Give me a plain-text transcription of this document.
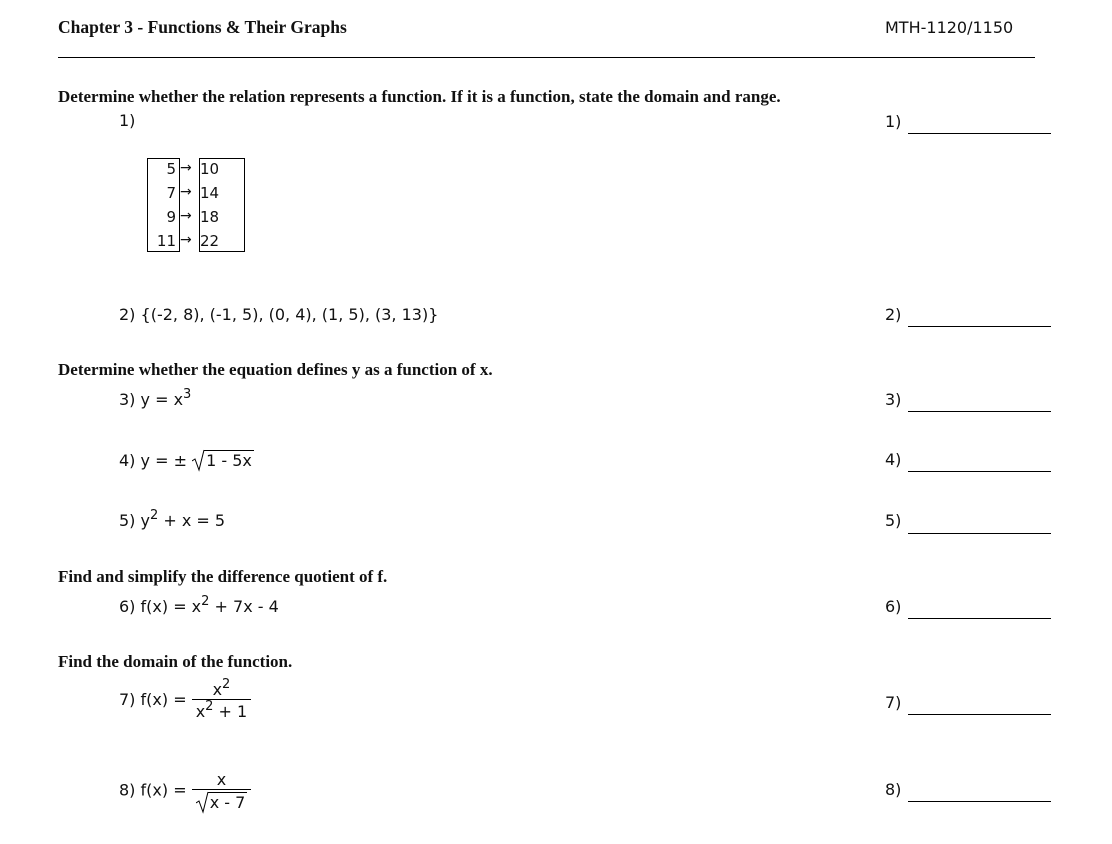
Chapter 3 - Functions & Their Graphs	MTH-1120/1150
Determine whether the relation represents a function. If it is a function, state the domain and range.
1)
5
7
9
11
→
→
→
→
10
14
18
22
2) {(-2, 8), (-1, 5), (0, 4), (1, 5), (3, 13)}
Determine whether the equation defines y as a function of x.
3) $y = x^3$
4) y = ± 1 - 5x
5) $y^2 + x = 5$
Find and simplify the difference quotient of f.
6) $f(x) = x^2 + 7x - 4$
Find the domain of the function.
7) $f(x) = \frac{x^2}{x^2 + 1}$
8) $f(x) = \frac{x}{x - 7}$
1)
2)
3)
4)
5)
6)
7)
8)
